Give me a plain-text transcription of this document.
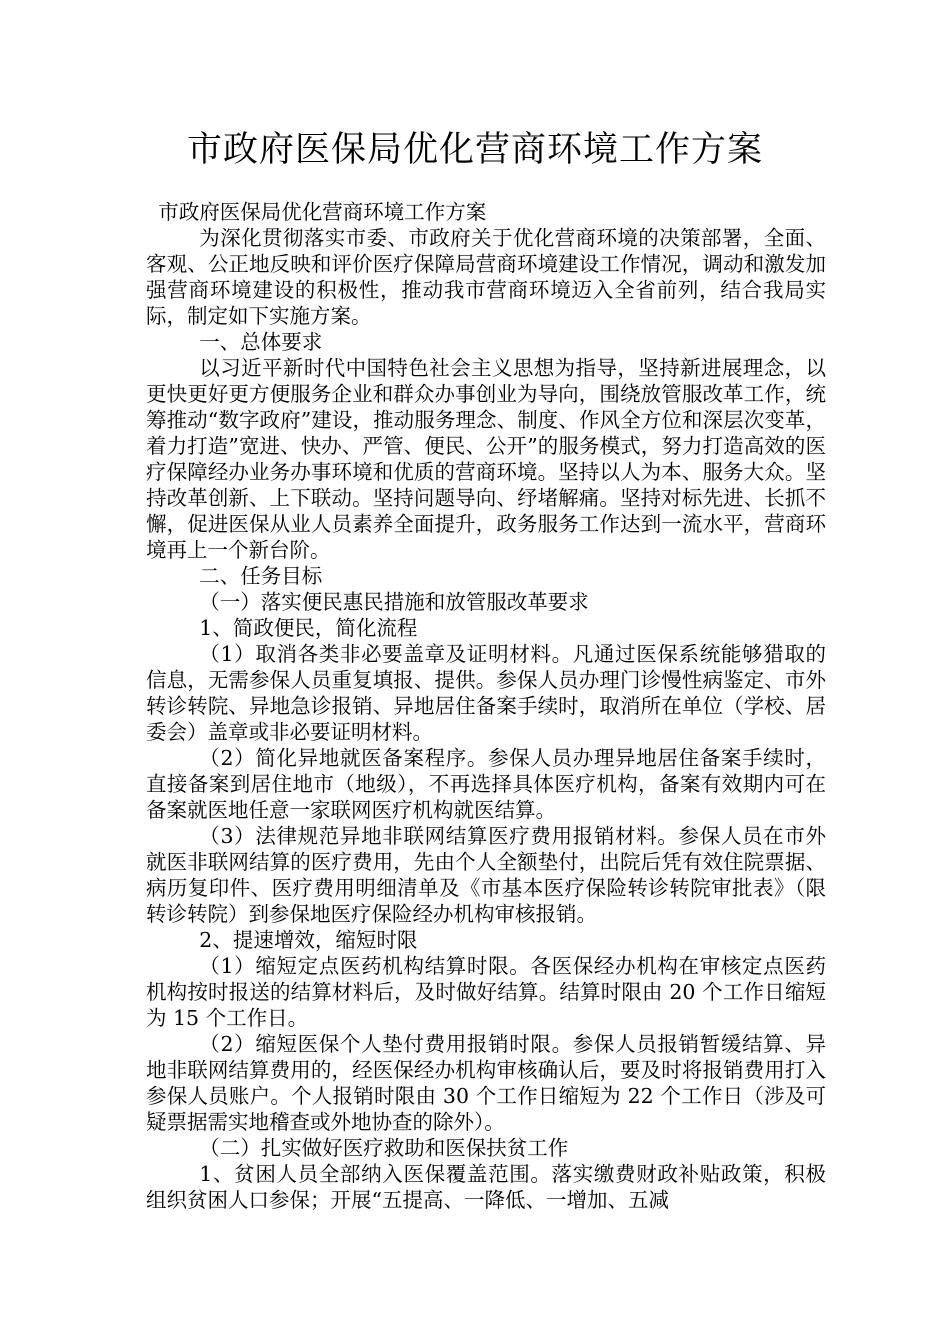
市政府医保局优化营商环境工作方案

市政府医保局优化营商环境工作方案

为深化贯彻落实市委、市政府关于优化营商环境的决策部署，全面、客观、公正地反映和评价医疗保障局营商环境建设工作情况，调动和激发加强营商环境建设的积极性，推动我市营商环境迈入全省前列，结合我局实际，制定如下实施方案。

一、总体要求

以习近平新时代中国特色社会主义思想为指导，坚持新进展理念，以更快更好更方便服务企业和群众办事创业为导向，围绕放管服改革工作，统筹推动“数字政府”建设，推动服务理念、制度、作风全方位和深层次变革，着力打造”宽进、快办、严管、便民、公开”的服务模式，努力打造高效的医疗保障经办业务办事环境和优质的营商环境。坚持以人为本、服务大众。坚持改革创新、上下联动。坚持问题导向、纾堵解痛。坚持对标先进、长抓不懈，促进医保从业人员素养全面提升，政务服务工作达到一流水平，营商环境再上一个新台阶。

二、任务目标

（一）落实便民惠民措施和放管服改革要求

1、简政便民，简化流程

（1）取消各类非必要盖章及证明材料。凡通过医保系统能够猎取的信息，无需参保人员重复填报、提供。参保人员办理门诊慢性病鉴定、市外转诊转院、异地急诊报销、异地居住备案手续时，取消所在单位（学校、居委会）盖章或非必要证明材料。

（2）简化异地就医备案程序。参保人员办理异地居住备案手续时，直接备案到居住地市（地级），不再选择具体医疗机构，备案有效期内可在备案就医地任意一家联网医疗机构就医结算。

（3）法律规范异地非联网结算医疗费用报销材料。参保人员在市外就医非联网结算的医疗费用，先由个人全额垫付，出院后凭有效住院票据、病历复印件、医疗费用明细清单及《市基本医疗保险转诊转院审批表》（限转诊转院）到参保地医疗保险经办机构审核报销。

2、提速增效，缩短时限

（1）缩短定点医药机构结算时限。各医保经办机构在审核定点医药机构按时报送的结算材料后，及时做好结算。结算时限由 20 个工作日缩短为 15 个工作日。

（2）缩短医保个人垫付费用报销时限。参保人员报销暂缓结算、异地非联网结算费用的，经医保经办机构审核确认后，要及时将报销费用打入参保人员账户。个人报销时限由 30 个工作日缩短为 22 个工作日（涉及可疑票据需实地稽查或外地协查的除外）。

（二）扎实做好医疗救助和医保扶贫工作

1、贫困人员全部纳入医保覆盖范围。落实缴费财政补贴政策，积极组织贫困人口参保；开展“五提高、一降低、一增加、五减
